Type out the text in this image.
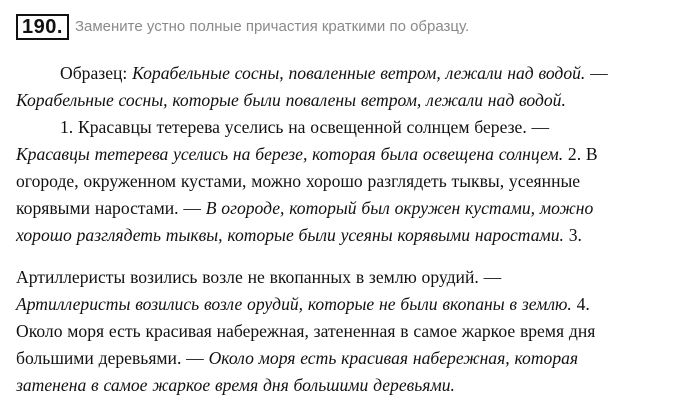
190. Замените устно полные причастия краткими по образцу.
Образец: Корабельные сосны, поваленные ветром, лежали над водой. —
Корабельные сосны, которые были повалены ветром, лежали над водой.
1. Красавцы тетерева уселись на освещенной солнцем березе. —
Красавцы тетерева уселись на березе, которая была освещена солнцем. 2. В
огороде, окруженном кустами, можно хорошо разглядеть тыквы, усеянные
корявыми наростами. — В огороде, который был окружен кустами, можно
хорошо разглядеть тыквы, которые были усеяны корявыми наростами. 3.
Артиллеристы возились возле не вкопанных в землю орудий. —
Артиллеристы возились возле орудий, которые не были вкопаны в землю. 4.
Около моря есть красивая набережная, затененная в самое жаркое время дня
большими деревьями. — Около моря есть красивая набережная, которая
затенена в самое жаркое время дня большими деревьями.
